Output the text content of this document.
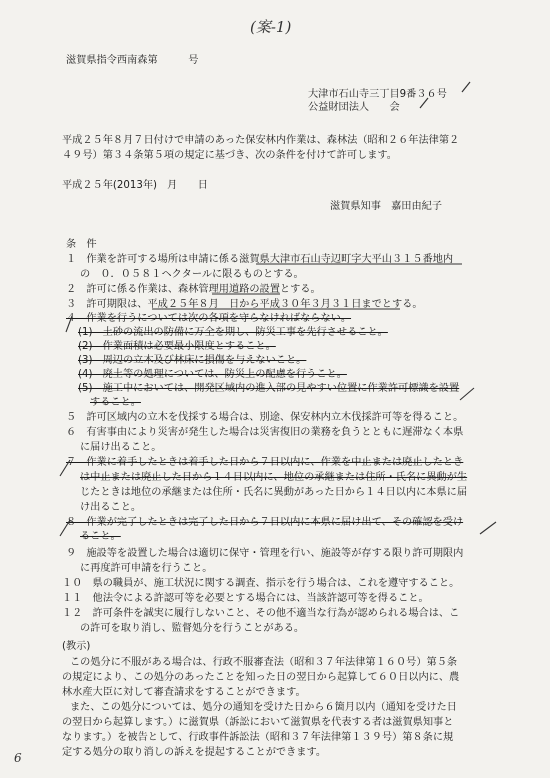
(案-1)
滋賀県指令西南森第　　　号
大津市石山寺三丁目9番３６号
公益財団法人　　会
平成２５年８月７日付けで申請のあった保安林内作業は、森林法（昭和２６年法律第２
４９号）第３４条第５項の規定に基づき、次の条件を付けて許可します。
平成２５年(2013年)　月　　日
滋賀県知事　嘉田由紀子
条　件
１　作業を許可する場所は申請に係る滋賀県大津市石山寺辺町字大平山３１５番地内
の　０．０５８１ヘクタールに限るものとする。
２　許可に係る作業は、森林管理用道路の設置とする。
３　許可期限は、平成２５年８月　日から平成３０年３月３１日までとする。
４　作業を行うについては次の各項を守らなければならない。
(1)　土砂の流出の防備に万全を期し、防災工事を先行させること。
(2)　作業面積は必要最小限度とすること。
(3)　周辺の立木及び林床に損傷を与えないこと。
(4)　廃土等の処理については、防災上の配慮を行うこと。
(5)　施工中においては、開発区域内の進入部の見やすい位置に作業許可標識を設置
すること。
５　許可区域内の立木を伐採する場合は、別途、保安林内立木伐採許可等を得ること。
６　有害事由により災害が発生した場合は災害復旧の業務を負うとともに遅滞なく本県
に届け出ること。
７　作業に着手したときは着手した日から７日以内に、作業を中止または廃止したとき
は中止または廃止した日から１４日以内に、地位の承継または住所・氏名に異動が生
じたときは地位の承継または住所・氏名に異動があった日から１４日以内に本県に届
け出ること。
８　作業が完了したときは完了した日から７日以内に本県に届け出て、その確認を受け
ること。
９　施設等を設置した場合は適切に保守・管理を行い、施設等が存する限り許可期限内
に再度許可申請を行うこと。
１０　県の職員が、施工状況に関する調査、指示を行う場合は、これを遵守すること。
１１　他法令による許認可等を必要とする場合には、当該許認可等を得ること。
１２　許可条件を誠実に履行しないこと、その他不適当な行為が認められる場合は、こ
の許可を取り消し、監督処分を行うことがある。
(教示)
この処分に不服がある場合は、行政不服審査法（昭和３７年法律第１６０号）第５条
の規定により、この処分のあったことを知った日の翌日から起算して６０日以内に、農
林水産大臣に対して審査請求をすることができます。
また、この処分については、処分の通知を受けた日から６箇月以内（通知を受けた日
の翌日から起算します。）に滋賀県（訴訟において滋賀県を代表する者は滋賀県知事と
なります。）を被告として、行政事件訴訟法（昭和３７年法律第１３９号）第８条に規
定する処分の取り消しの訴えを提起することができます。
6
